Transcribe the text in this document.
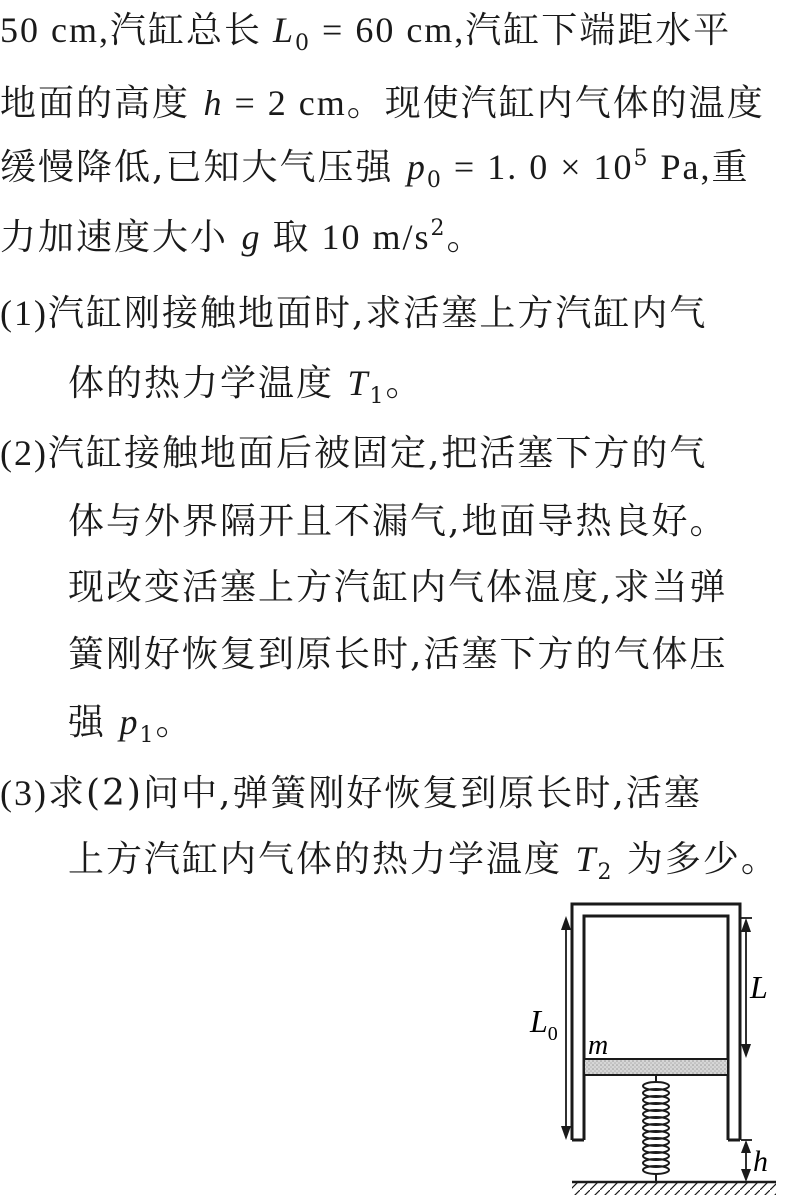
50 cm,汽缸总长 $L_0 = 60$ cm,汽缸下端距水平
地面的高度 h = 2 cm。现使汽缸内气体的温度
缓慢降低,已知大气压强 $p_0 = 1$. $0 \times 10^5$ Pa,重
力加速度大小 g 取 10 $m/s^2$。
(1)汽缸刚接触地面时,求活塞上方汽缸内气
体的热力学温度 $T_1$。
(2)汽缸接触地面后被固定,把活塞下方的气
体与外界隔开且不漏气,地面导热良好。
现改变活塞上方汽缸内气体温度,求当弹
簧刚好恢复到原长时,活塞下方的气体压
强 $p_1$。
(3)求(2)问中,弹簧刚好恢复到原长时,活塞
上方汽缸内气体的热力学温度 $T_2$ 为多少。
$L_0$
L
m
h
